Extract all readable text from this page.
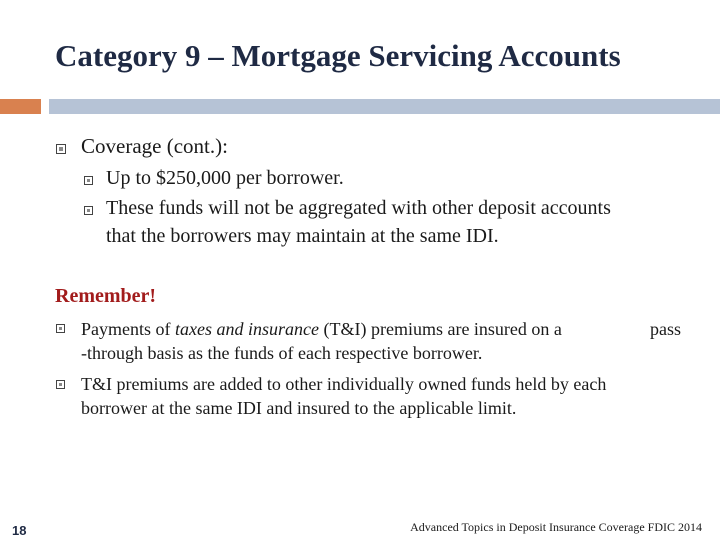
Category 9 – Mortgage Servicing Accounts
Coverage (cont.):
Up to $250,000 per borrower.
These funds will not be aggregated with other deposit accounts
that the borrowers may maintain at the same IDI.
Remember!
Payments of taxes and insurance (T&I) premiums are insured on a	pass
-through basis as the funds of each respective borrower.
T&I premiums are added to other individually owned funds held by each
borrower at the same IDI and insured to the applicable limit.
18	Advanced Topics in Deposit Insurance Coverage FDIC 2014
